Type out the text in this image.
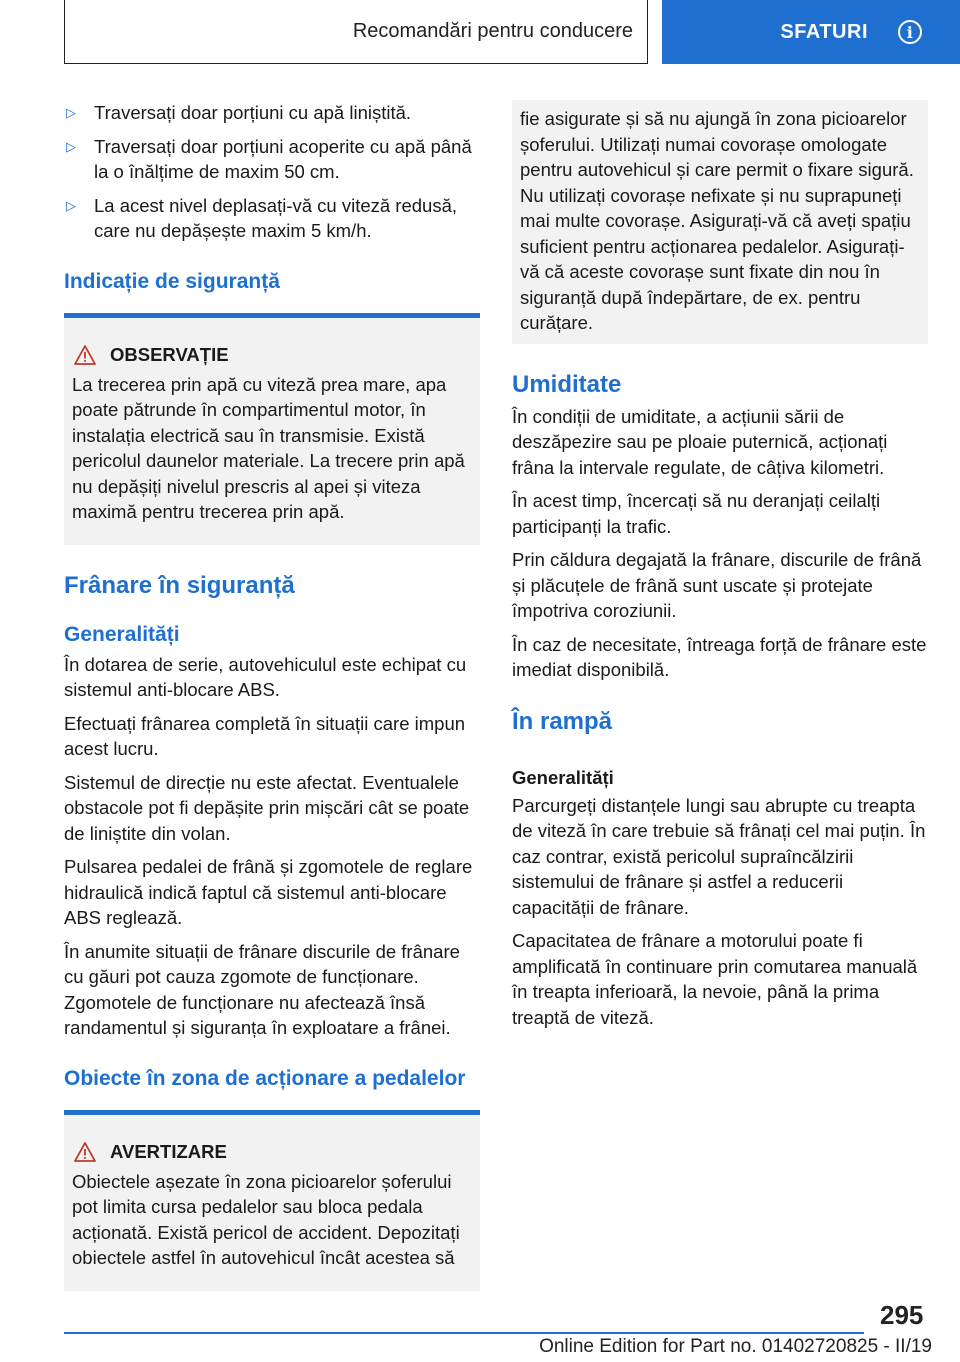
Recomandări pentru conducere	SFATURI	i
▷ Traversați doar porțiuni cu apă liniștită.
▷ Traversați doar porțiuni acoperite cu apă până la o înălțime de maxim 50 cm.
▷ La acest nivel deplasați-vă cu viteză redusă, care nu depășește maxim 5 km/h.
Indicație de siguranță
OBSERVAȚIE

La trecerea prin apă cu viteză prea mare, apa poate pătrunde în compartimentul motor, în instalația electrică sau în transmisie. Există pericolul daunelor materiale. La trecere prin apă nu depășiți nivelul prescris al apei și viteza maximă pentru trecerea prin apă.

Frânare în siguranță
Generalități

În dotarea de serie, autovehiculul este echipat cu sistemul anti-blocare ABS.

Efectuați frânarea completă în situații care impun acest lucru.

Sistemul de direcție nu este afectat. Eventualele obstacole pot fi depășite prin mișcări cât se poate de liniștite din volan.

Pulsarea pedalei de frână și zgomotele de reglare hidraulică indică faptul că sistemul anti-blocare ABS reglează.

În anumite situații de frânare discurile de frânare cu găuri pot cauza zgomote de funcționare. Zgomotele de funcționare nu afectează însă randamentul și siguranța în exploatare a frânei.

Obiecte în zona de acționare a pedalelor
AVERTIZARE

Obiectele așezate în zona picioarelor șoferului pot limita cursa pedalelor sau bloca pedala acționată. Există pericol de accident. Depozitați obiectele astfel în autovehicul încât acestea să

fie asigurate și să nu ajungă în zona picioarelor șoferului. Utilizați numai covorașe omologate pentru autovehicul și care permit o fixare sigură. Nu utilizați covorașe nefixate și nu suprapuneți mai multe covorașe. Asigurați-vă că aveți spațiu suficient pentru acționarea pedalelor. Asigurați-vă că aceste covorașe sunt fixate din nou în siguranță după îndepărtare, de ex. pentru curățare.

Umiditate

În condiții de umiditate, a acțiunii sării de deszăpezire sau pe ploaie puternică, acționați frâna la intervale regulate, de câțiva kilometri.

În acest timp, încercați să nu deranjați ceilalți participanți la trafic.

Prin căldura degajată la frânare, discurile de frână și plăcuțele de frână sunt uscate și protejate împotriva coroziunii.

În caz de necesitate, întreaga forță de frânare este imediat disponibilă.

În rampă
Generalități

Parcurgeți distanțele lungi sau abrupte cu treapta de viteză în care trebuie să frânați cel mai puțin. În caz contrar, există pericolul supraîncălzirii sistemului de frânare și astfel a reducerii capacității de frânare.

Capacitatea de frânare a motorului poate fi amplificată în continuare prin comutarea manuală în treapta inferioară, la nevoie, până la prima treaptă de viteză.

295
Online Edition for Part no. 01402720825 - II/19
